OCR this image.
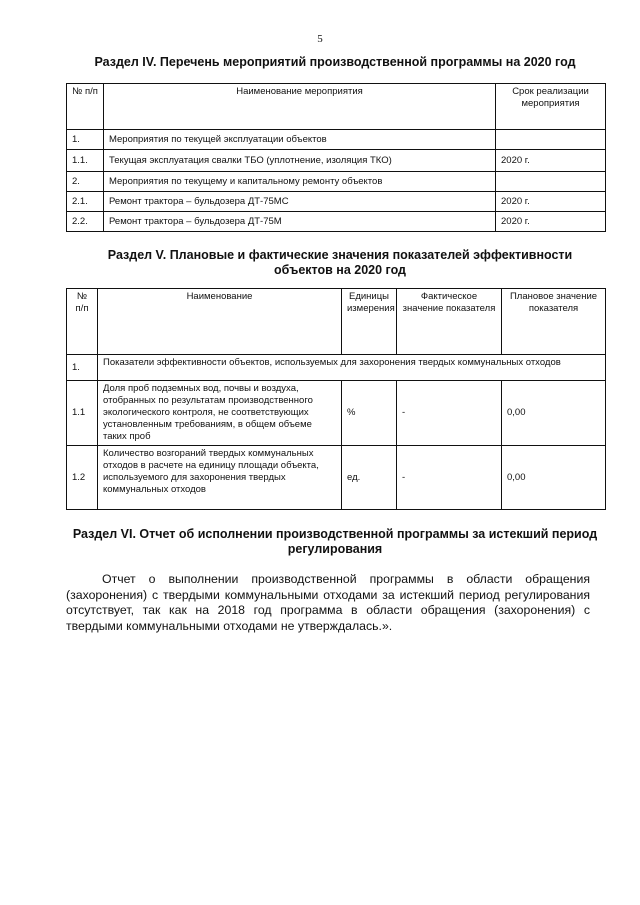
5
Раздел IV. Перечень мероприятий производственной программы на 2020 год
№ п/п	Наименование мероприятия	Срок реализации мероприятия
1.	Мероприятия по текущей эксплуатации объектов	
1.1.	Текущая эксплуатация свалки ТБО (уплотнение, изоляция ТКО)	2020 г.
2.	Мероприятия по текущему и капитальному ремонту объектов	
2.1.	Ремонт трактора – бульдозера ДТ-75МС	2020 г.
2.2.	Ремонт трактора – бульдозера ДТ-75М	2020 г.
Раздел V. Плановые и фактические значения показателей эффективности объектов на 2020 год
№ п/п	Наименование	Единицы измерения	Фактическое значение показателя	Плановое значение показателя
1.	Показатели эффективности объектов, используемых для захоронения твердых коммунальных отходов			
1.1	Доля проб подземных вод, почвы и воздуха, отобранных по результатам производственного экологического контроля, не соответствующих установленным требованиям, в общем объеме таких проб	%	-	0,00
1.2	Количество возгораний твердых коммунальных отходов в расчете на единицу площади объекта, используемого для захоронения твердых коммунальных отходов	ед.	-	0,00
Раздел VI. Отчет об исполнении производственной программы за истекший период регулирования
Отчет о выполнении производственной программы в области обращения (захоронения) с твердыми коммунальными отходами за истекший период регулирования отсутствует, так как на 2018 год программа в области обращения (захоронения) с твердыми коммунальными отходами не утверждалась.».
